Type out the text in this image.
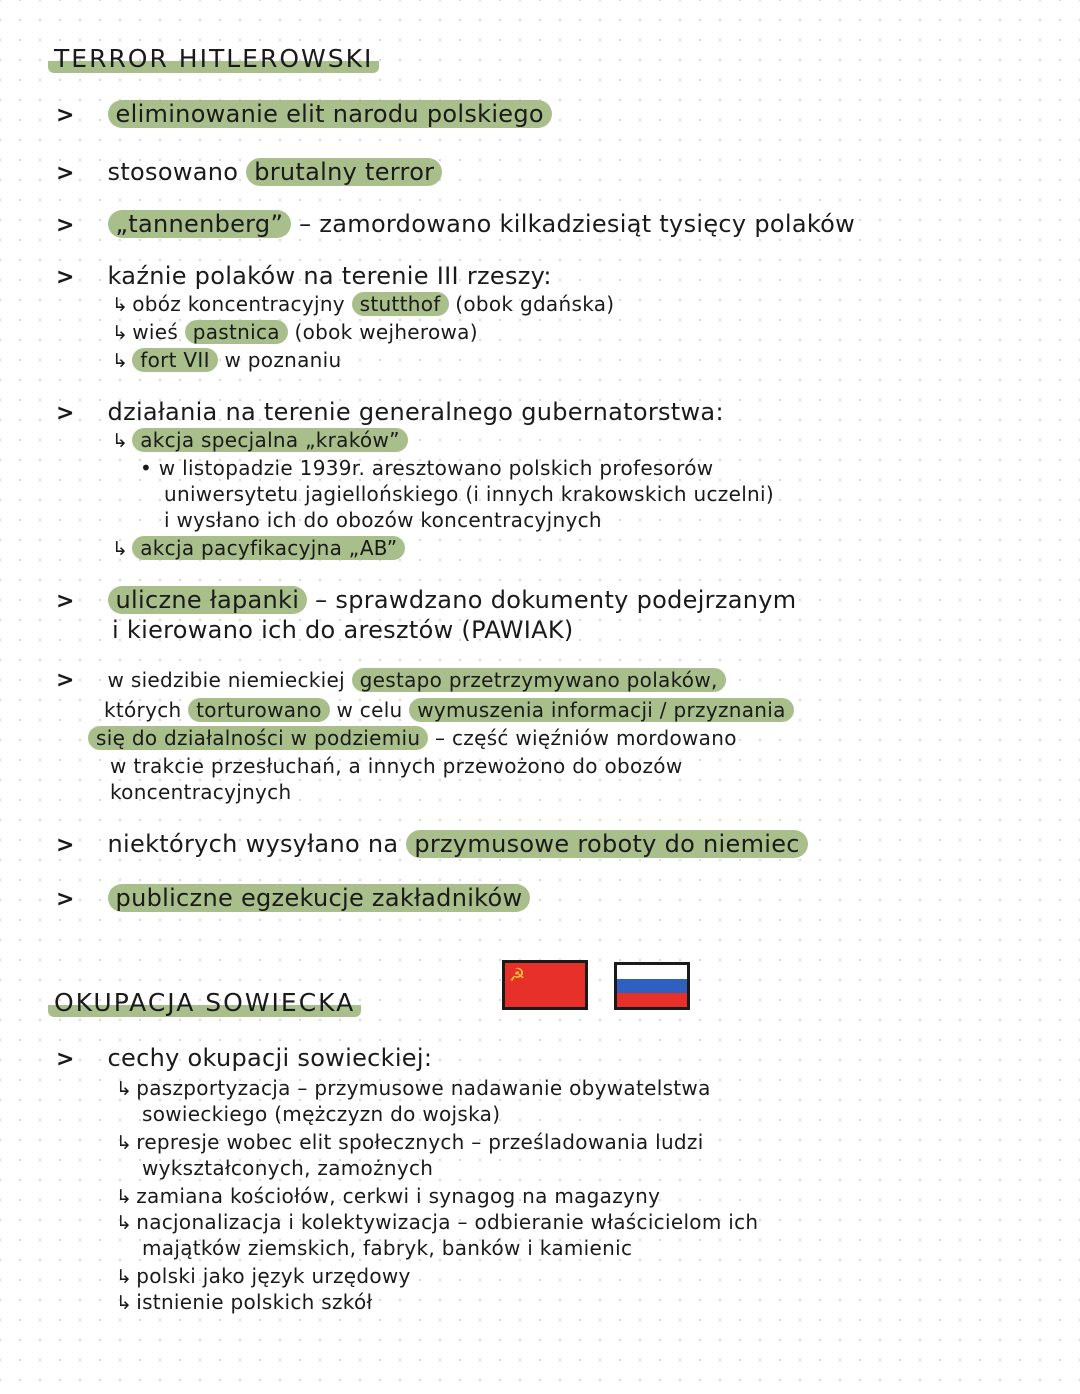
TERROR HITLEROWSKI
> eliminowanie elit narodu polskiego
> stosowano brutalny terror
> „tannenberg” – zamordowano kilkadziesiąt tysięcy polaków
> kaźnie polaków na terenie III rzeszy:
↳ obóz koncentracyjny stutthof (obok gdańska)
↳ wieś pastnica (obok wejherowa)
↳ fort VII w poznaniu
> działania na terenie generalnego gubernatorstwa:
↳ akcja specjalna „kraków”
• w listopadzie 1939r. aresztowano polskich profesorów
uniwersytetu jagiellońskiego (i innych krakowskich uczelni)
i wysłano ich do obozów koncentracyjnych
↳ akcja pacyfikacyjna „AB”
> uliczne łapanki – sprawdzano dokumenty podejrzanym
i kierowano ich do aresztów (PAWIAK)
> w siedzibie niemieckiej gestapo przetrzymywano polaków,
których torturowano w celu wymuszenia informacji / przyznania
się do działalności w podziemiu – część więźniów mordowano
w trakcie przesłuchań, a innych przewożono do obozów
koncentracyjnych
> niektórych wysyłano na przymusowe roboty do niemiec
> publiczne egzekucje zakładników
☭
OKUPACJA SOWIECKA
> cechy okupacji sowieckiej:
↳ paszportyzacja – przymusowe nadawanie obywatelstwa
sowieckiego (mężczyzn do wojska)
↳ represje wobec elit społecznych – prześladowania ludzi
wykształconych, zamożnych
↳ zamiana kościołów, cerkwi i synagog na magazyny
↳ nacjonalizacja i kolektywizacja – odbieranie właścicielom ich
majątków ziemskich, fabryk, banków i kamienic
↳ polski jako język urzędowy
↳ istnienie polskich szkół
